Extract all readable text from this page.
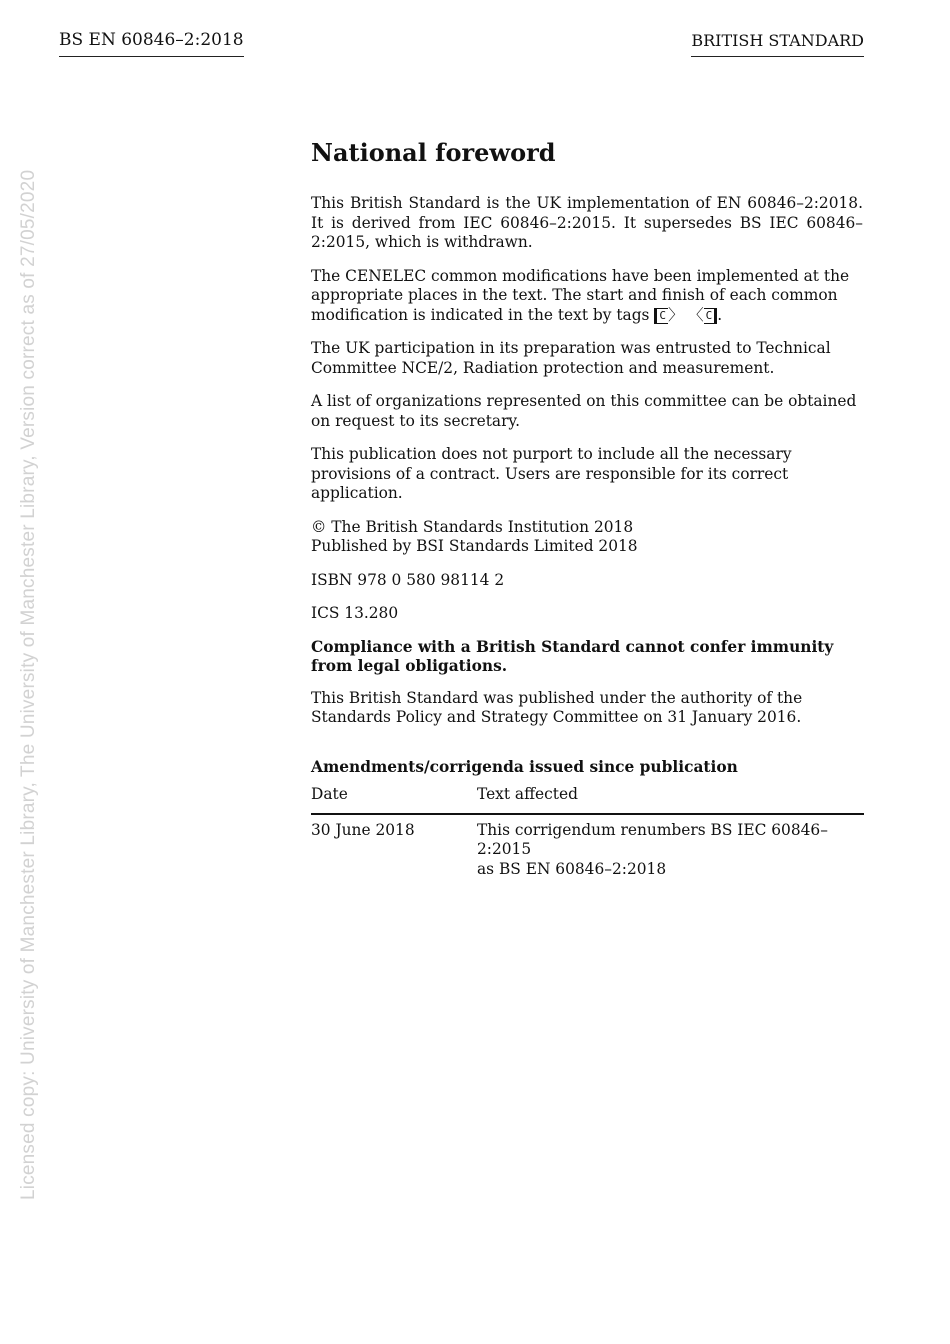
BS EN 60846–2:2018	BRITISH STANDARD
Licensed copy: University of Manchester Library, The University of Manchester Library, Version correct as of 27/05/2020
National foreword

This British Standard is the UK implementation of EN 60846–2:2018. It is derived from IEC 60846–2:2015. It supersedes BS IEC 60846–2:2015, which is withdrawn.

The CENELEC common modifications have been implemented at the appropriate places in the text. The start and finish of each common modification is indicated in the text by tags C 〉 〈 C .

The UK participation in its preparation was entrusted to Technical Committee NCE/2, Radiation protection and measurement.

A list of organizations represented on this committee can be obtained on request to its secretary.

This publication does not purport to include all the necessary provisions of a contract. Users are responsible for its correct application.

© The British Standards Institution 2018
Published by BSI Standards Limited 2018

ISBN 978 0 580 98114 2

ICS 13.280

Compliance with a British Standard cannot confer immunity from legal obligations.

This British Standard was published under the authority of the Standards Policy and Strategy Committee on 31 January 2016.

Amendments/corrigenda issued since publication
Date	Text affected
30 June 2018	This corrigendum renumbers BS IEC 60846–2:2015
as BS EN 60846–2:2018
